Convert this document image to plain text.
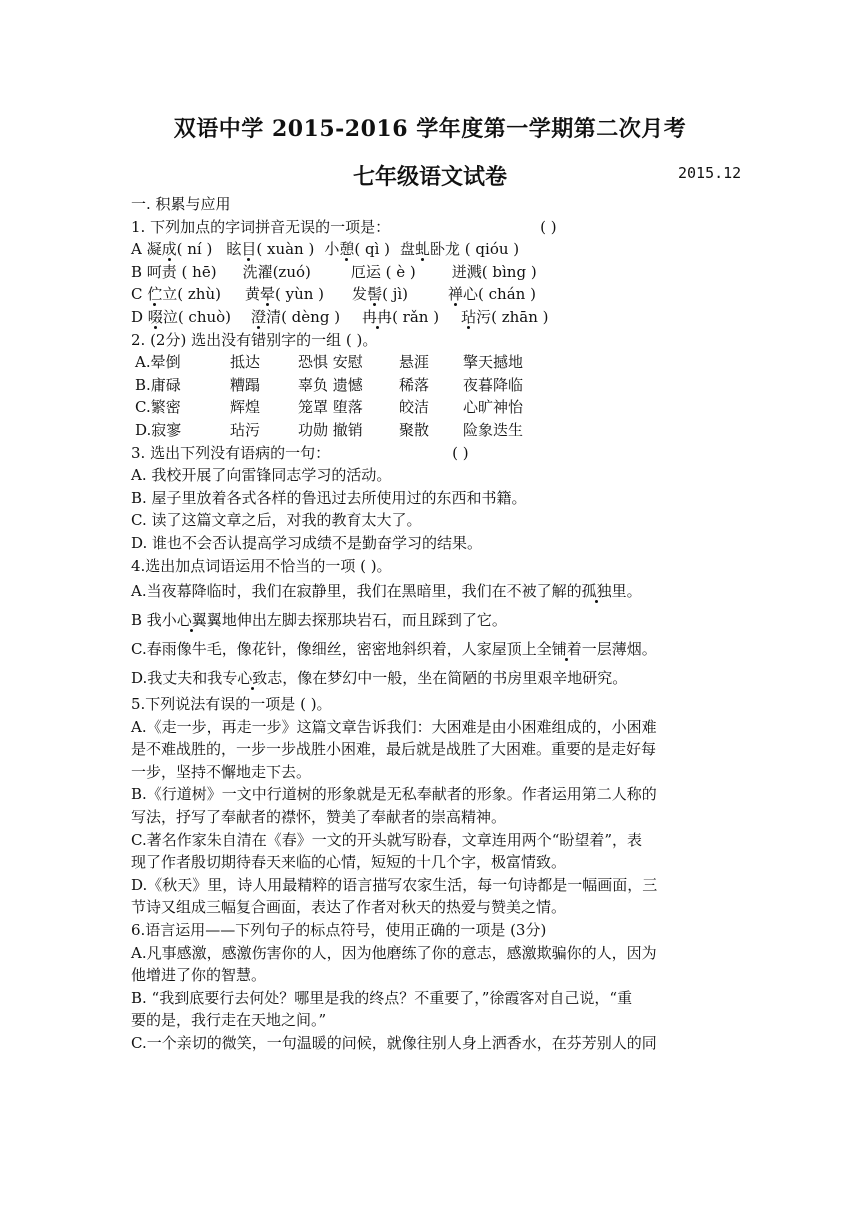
双语中学 2015-2016 学年度第一学期第二次月考
七年级语文试卷	2015.12
一. 积累与应用
1. 下列加点的字词拼音无误的一项是：	( )
A 凝成( ní ) 眩目( xuàn ) 小憩( qì ) 盘虬卧龙 ( qióu )
B 呵责 ( hē) 洗濯(zuó)	厄运 ( è ) 迸溅( bìng )
C 伫立( zhù) 黄晕( yùn ) 发髻( jì)	禅心( chán )
D 啜泣( chuò) 澄清( dèng ) 冉冉( rǎn ) 玷污( zhān )
2. (2分) 选出没有错别字的一组 ( )。
A.晕倒	抵达	恐惧 安慰 悬涯 擎天撼地
B.庸碌	糟蹋	辜负 遗憾 稀落 夜暮降临
C.繁密	辉煌	笼罩 堕落 皎洁 心旷神怡
D.寂寥	玷污	功勋 撤销 聚散 险象迭生
3. 选出下列没有语病的一句：	( )
A. 我校开展了向雷锋同志学习的活动。
B. 屋子里放着各式各样的鲁迅过去所使用过的东西和书籍。
C. 读了这篇文章之后，对我的教育太大了。
D. 谁也不会否认提高学习成绩不是勤奋学习的结果。
4.选出加点词语运用不恰当的一项 ( )。
A.当夜幕降临时，我们在寂静里，我们在黑暗里，我们在不被了解的孤独里。
B 我小心翼翼地伸出左脚去探那块岩石，而且踩到了它。
C.春雨像牛毛，像花针，像细丝，密密地斜织着，人家屋顶上全铺着一层薄烟。
D.我丈夫和我专心致志，像在梦幻中一般，坐在简陋的书房里艰辛地研究。
5.下列说法有误的一项是 ( )。
A.《走一步，再走一步》这篇文章告诉我们：大困难是由小困难组成的，小困难
是不难战胜的，一步一步战胜小困难，最后就是战胜了大困难。重要的是走好每
一步，坚持不懈地走下去。
B.《行道树》一文中行道树的形象就是无私奉献者的形象。作者运用第二人称的
写法，抒写了奉献者的襟怀，赞美了奉献者的崇高精神。
C.著名作家朱自清在《春》一文的开头就写盼春，文章连用两个“盼望着”，表
现了作者殷切期待春天来临的心情，短短的十几个字，极富情致。
D.《秋天》里，诗人用最精粹的语言描写农家生活，每一句诗都是一幅画面，三
节诗又组成三幅复合画面，表达了作者对秋天的热爱与赞美之情。
6.语言运用——下列句子的标点符号，使用正确的一项是 (3分)
A.凡事感激，感激伤害你的人，因为他磨练了你的意志，感激欺骗你的人，因为
他增进了你的智慧。
B. “我到底要行去何处？哪里是我的终点？不重要了，”徐霞客对自己说，“重
要的是，我行走在天地之间。”
C.一个亲切的微笑，一句温暖的问候，就像往别人身上洒香水，在芬芳别人的同
